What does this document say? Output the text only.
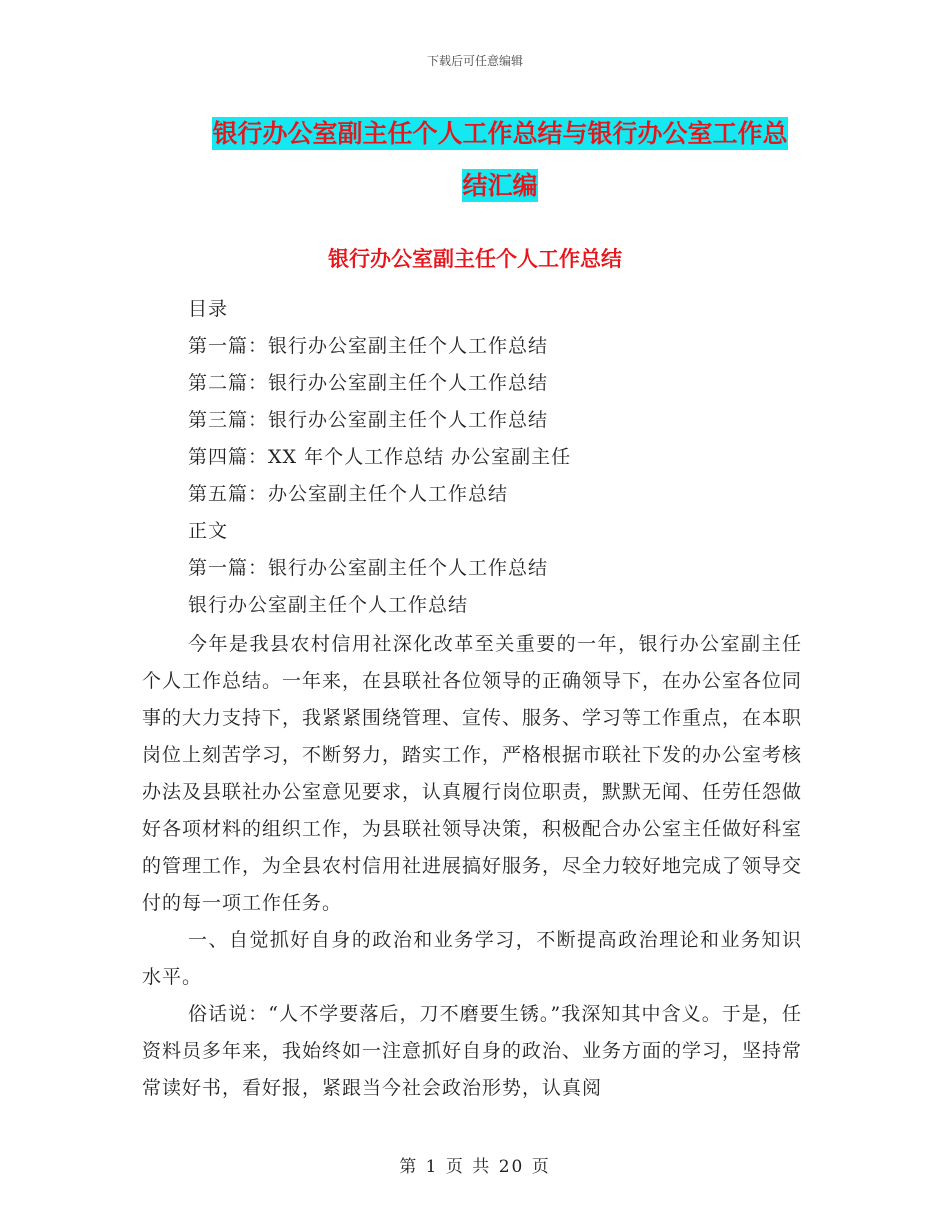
下载后可任意编辑
银行办公室副主任个人工作总结与银行办公室工作总
结汇编
银行办公室副主任个人工作总结
目录
第一篇：银行办公室副主任个人工作总结
第二篇：银行办公室副主任个人工作总结
第三篇：银行办公室副主任个人工作总结
第四篇：XX 年个人工作总结 办公室副主任
第五篇：办公室副主任个人工作总结
正文
第一篇：银行办公室副主任个人工作总结
银行办公室副主任个人工作总结

今年是我县农村信用社深化改革至关重要的一年，银行办公室副主任个人工作总结。一年来，在县联社各位领导的正确领导下，在办公室各位同事的大力支持下，我紧紧围绕管理、宣传、服务、学习等工作重点，在本职岗位上刻苦学习，不断努力，踏实工作，严格根据市联社下发的办公室考核办法及县联社办公室意见要求，认真履行岗位职责，默默无闻、任劳任怨做好各项材料的组织工作，为县联社领导决策，积极配合办公室主任做好科室的管理工作，为全县农村信用社进展搞好服务，尽全力较好地完成了领导交付的每一项工作任务。

一、自觉抓好自身的政治和业务学习，不断提高政治理论和业务知识水平。

俗话说：“人不学要落后，刀不磨要生锈。”我深知其中含义。于是，任资料员多年来，我始终如一注意抓好自身的政治、业务方面的学习，坚持常常读好书，看好报，紧跟当今社会政治形势，认真阅

第 1 页 共 20 页
